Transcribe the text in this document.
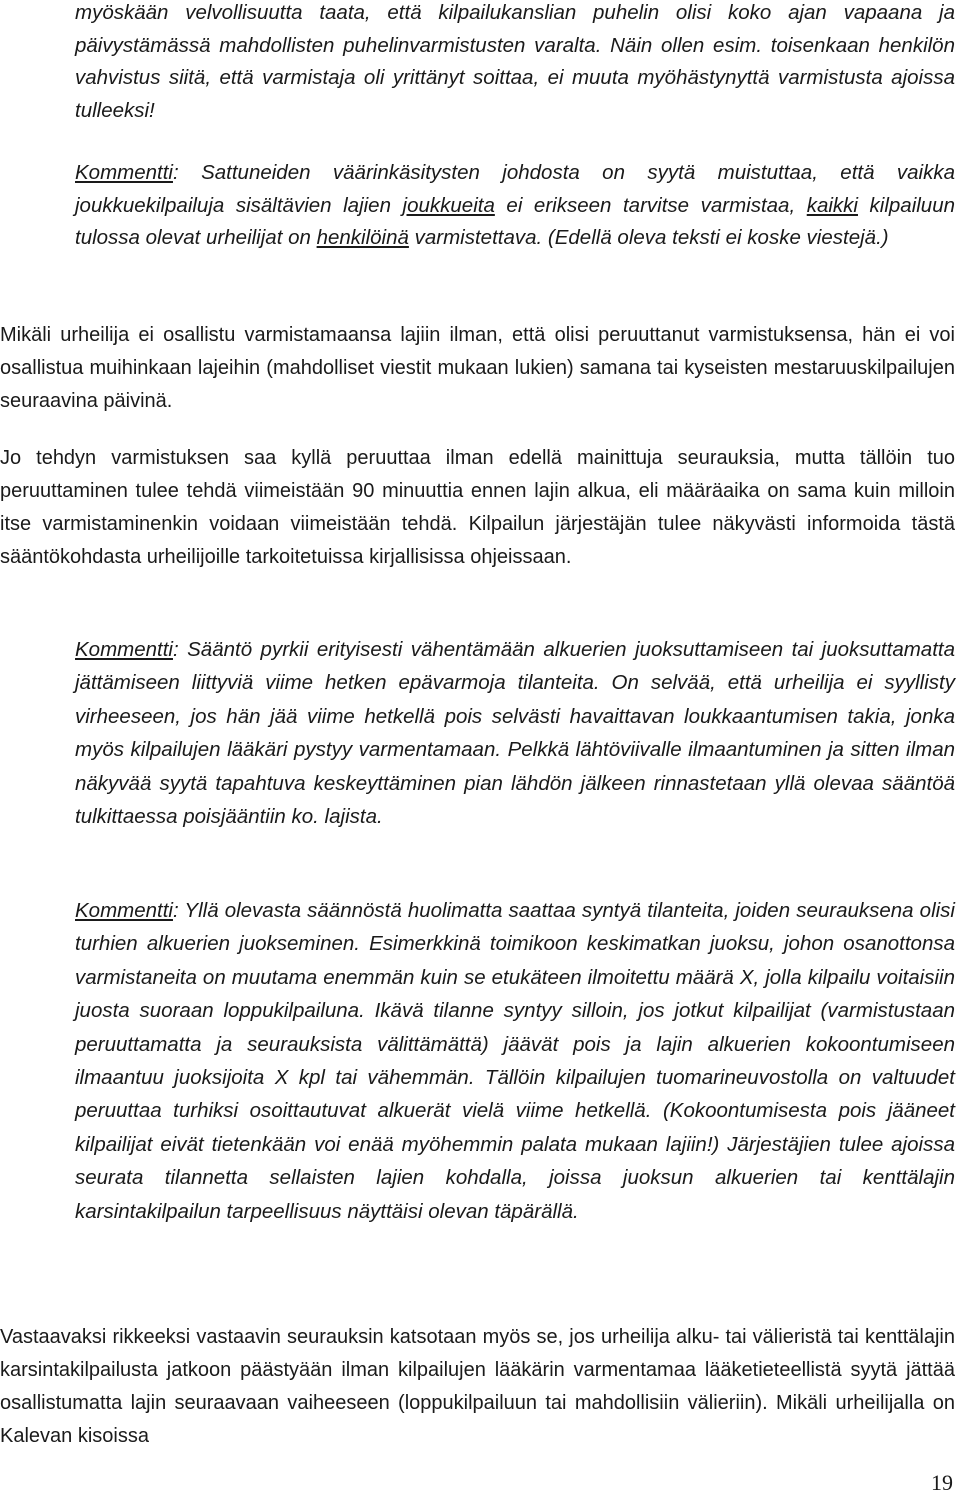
myöskään velvollisuutta taata, että kilpailukanslian puhelin olisi koko ajan vapaana ja päivystämässä mahdollisten puhelinvarmistusten varalta. Näin ollen esim. toisenkaan henkilön vahvistus siitä, että varmistaja oli yrittänyt soittaa, ei muuta myöhästynyttä varmistusta ajoissa tulleeksi!

Kommentti: Sattuneiden väärinkäsitysten johdosta on syytä muistuttaa, että vaikka joukkuekilpailuja sisältävien lajien joukkueita ei erikseen tarvitse varmistaa, kaikki kilpailuun tulossa olevat urheilijat on henkilöinä varmistettava. (Edellä oleva teksti ei koske viestejä.)

Mikäli urheilija ei osallistu varmistamaansa lajiin ilman, että olisi peruuttanut varmistuksensa, hän ei voi osallistua muihinkaan lajeihin (mahdolliset viestit mukaan lukien) samana tai kyseisten mestaruuskilpailujen seuraavina päivinä.

Jo tehdyn varmistuksen saa kyllä peruuttaa ilman edellä mainittuja seurauksia, mutta tällöin tuo peruuttaminen tulee tehdä viimeistään 90 minuuttia ennen lajin alkua, eli määräaika on sama kuin milloin itse varmistaminenkin voidaan viimeistään tehdä. Kilpailun järjestäjän tulee näkyvästi informoida tästä sääntökohdasta urheilijoille tarkoitetuissa kirjallisissa ohjeissaan.

Kommentti: Sääntö pyrkii erityisesti vähentämään alkuerien juoksuttamiseen tai juoksuttamatta jättämiseen liittyviä viime hetken epävarmoja tilanteita. On selvää, että urheilija ei syyllisty virheeseen, jos hän jää viime hetkellä pois selvästi havaittavan loukkaantumisen takia, jonka myös kilpailujen lääkäri pystyy varmentamaan. Pelkkä lähtöviivalle ilmaantuminen ja sitten ilman näkyvää syytä tapahtuva keskeyttäminen pian lähdön jälkeen rinnastetaan yllä olevaa sääntöä tulkittaessa poisjääntiin ko. lajista.

Kommentti: Yllä olevasta säännöstä huolimatta saattaa syntyä tilanteita, joiden seurauksena olisi turhien alkuerien juokseminen. Esimerkkinä toimikoon keskimatkan juoksu, johon osanottonsa varmistaneita on muutama enemmän kuin se etukäteen ilmoitettu määrä X, jolla kilpailu voitaisiin juosta suoraan loppukilpailuna. Ikävä tilanne syntyy silloin, jos jotkut kilpailijat (varmistustaan peruuttamatta ja seurauksista välittämättä) jäävät pois ja lajin alkuerien kokoontumiseen ilmaantuu juoksijoita X kpl tai vähemmän. Tällöin kilpailujen tuomarineuvostolla on valtuudet peruuttaa turhiksi osoittautuvat alkuerät vielä viime hetkellä. (Kokoontumisesta pois jääneet kilpailijat eivät tietenkään voi enää myöhemmin palata mukaan lajiin!) Järjestäjien tulee ajoissa seurata tilannetta sellaisten lajien kohdalla, joissa juoksun alkuerien tai kenttälajin karsintakilpailun tarpeellisuus näyttäisi olevan täpärällä.

Vastaavaksi rikkeeksi vastaavin seurauksin katsotaan myös se, jos urheilija alku- tai välieristä tai kenttälajin karsintakilpailusta jatkoon päästyään ilman kilpailujen lääkärin varmentamaa lääketieteellistä syytä jättää osallistumatta lajin seuraavaan vaiheeseen (loppukilpailuun tai mahdollisiin välieriin). Mikäli urheilijalla on Kalevan kisoissa

19
